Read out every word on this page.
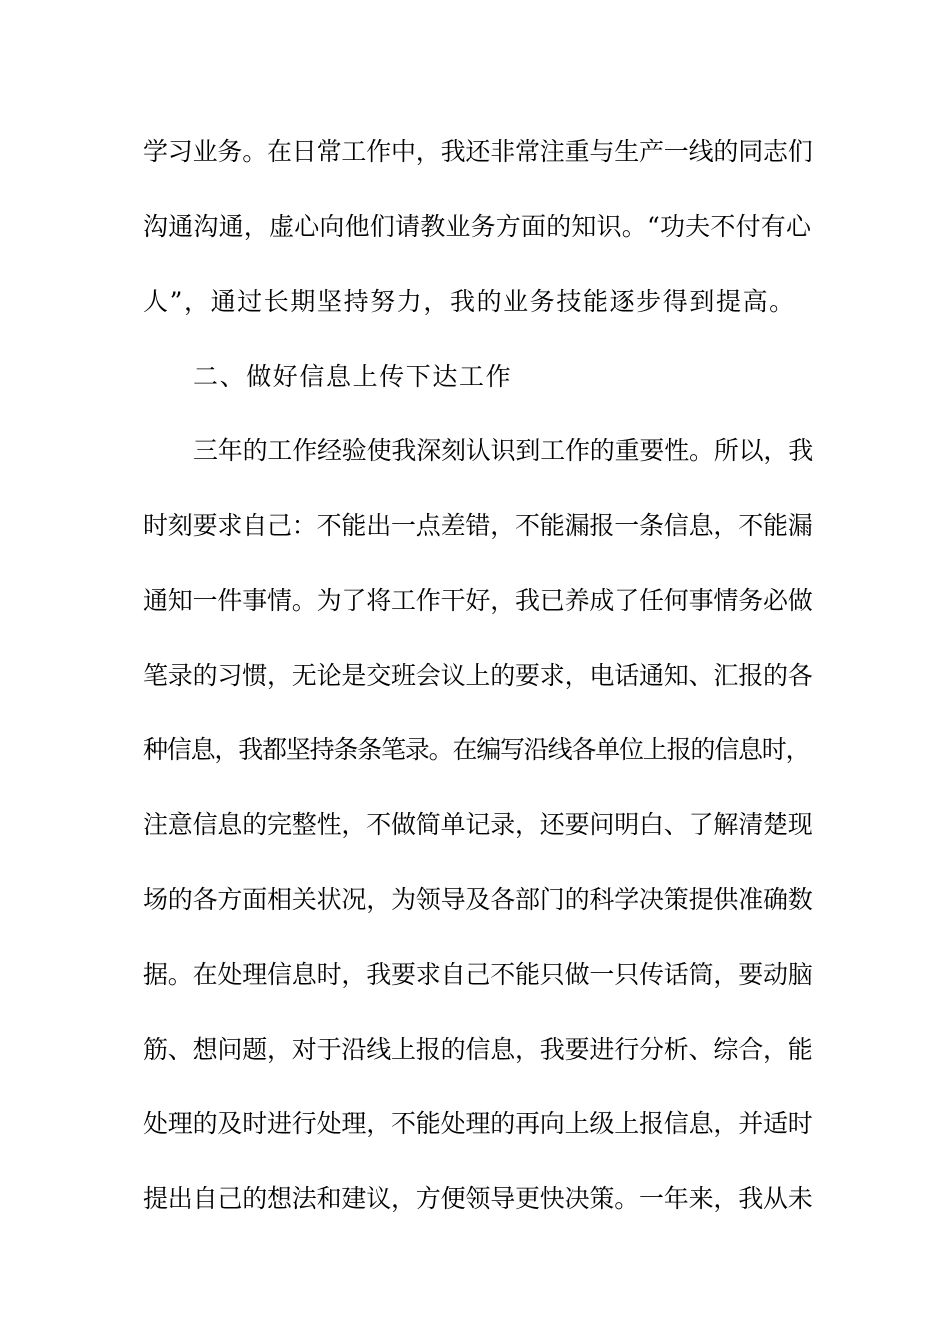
学习业务。在日常工作中，我还非常注重与生产一线的同志们
沟通沟通，虚心向他们请教业务方面的知识。“功夫不付有心
人”，通过长期坚持努力，我的业务技能逐步得到提高。
二、做好信息上传下达工作
三年的工作经验使我深刻认识到工作的重要性。所以，我
时刻要求自己：不能出一点差错，不能漏报一条信息，不能漏
通知一件事情。为了将工作干好，我已养成了任何事情务必做
笔录的习惯，无论是交班会议上的要求，电话通知、汇报的各
种信息，我都坚持条条笔录。在编写沿线各单位上报的信息时，
注意信息的完整性，不做简单记录，还要问明白、了解清楚现
场的各方面相关状况，为领导及各部门的科学决策提供准确数
据。在处理信息时，我要求自己不能只做一只传话筒，要动脑
筋、想问题，对于沿线上报的信息，我要进行分析、综合，能
处理的及时进行处理，不能处理的再向上级上报信息，并适时
提出自己的想法和建议，方便领导更快决策。一年来，我从未
